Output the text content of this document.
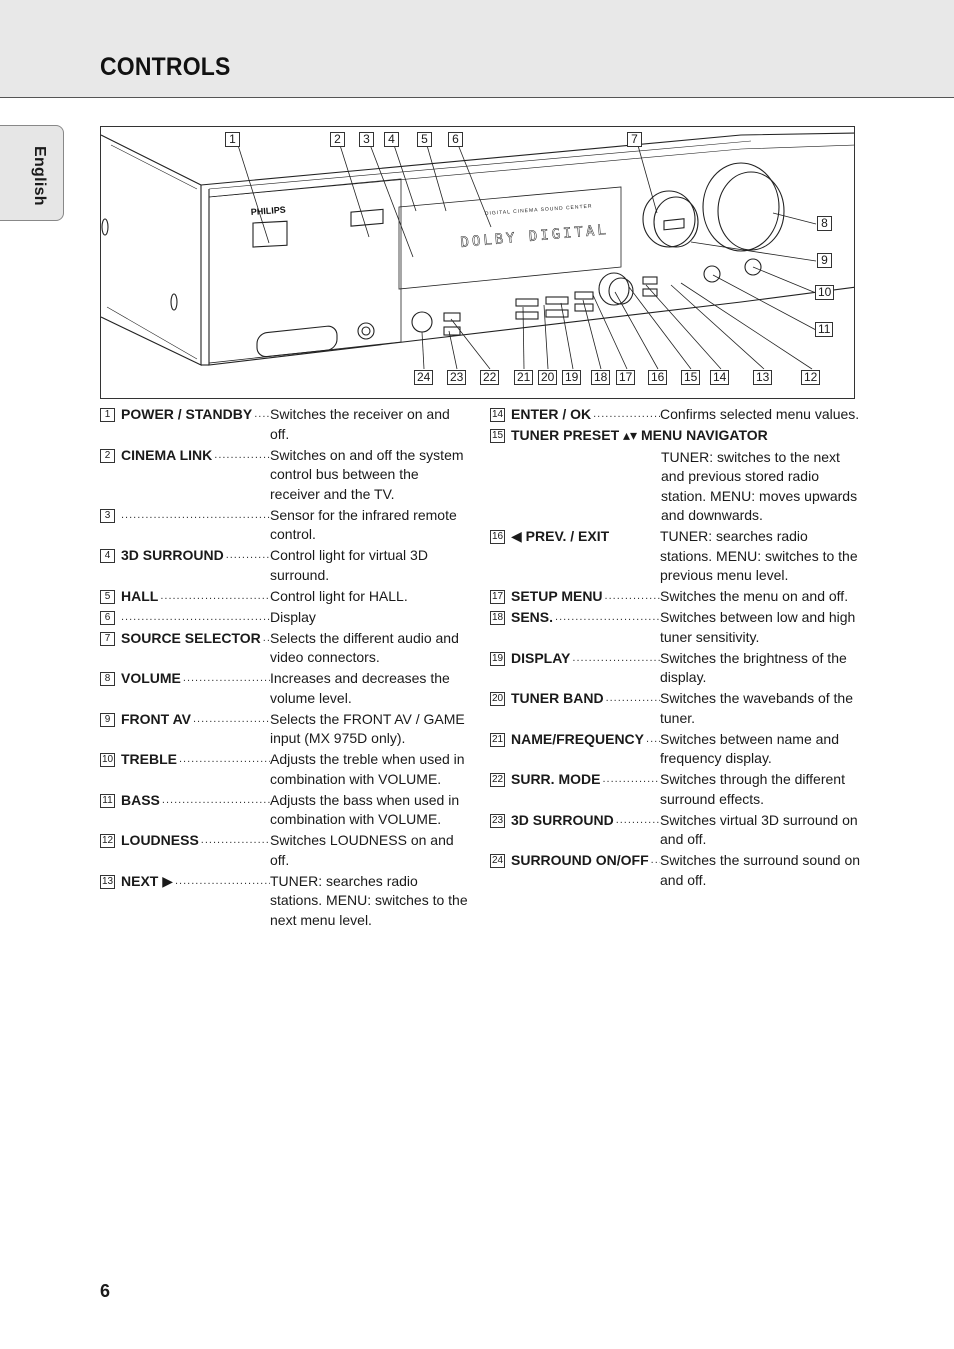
CONTROLS
English
PHILIPS
DOLBY DIGITAL
DIGITAL CINEMA SOUND CENTER
1	2	3	4	5	6	7
8
9
10
11
12
13
14
15
16
17
18
19
20
21
22
23
24
1 POWER / STANDBY ..... Switches the receiver on and off.
2 CINEMA LINK .....	Switches on and off the system control bus between the receiver and the TV.
3 .....	Sensor for the infrared remote control.
4 3D SURROUND .....	Control light for virtual 3D surround.
5 HALL .....	Control light for HALL.
6 .....	Display
7 SOURCE SELECTOR ..... Selects the different audio and video connectors.
8 VOLUME .....	Increases and decreases the volume level.
9 FRONT AV .....	Selects the FRONT AV / GAME input (MX 975D only).
10 TREBLE .....	Adjusts the treble when used in combination with VOLUME.
11 BASS .....	Adjusts the bass when used in combination with VOLUME.
12 LOUDNESS .....	Switches LOUDNESS on and off.
13 NEXT ▶ .....	TUNER: searches radio stations. MENU: switches to the next menu level.
14 ENTER / OK .....	Confirms selected menu values.
15 TUNER PRESET ▴▾ MENU NAVIGATOR
TUNER: switches to the next and previous stored radio station. MENU: moves upwards and downwards.
16 ◀ PREV. / EXIT	TUNER: searches radio stations. MENU: switches to the previous menu level.
17 SETUP MENU .....	Switches the menu on and off.
18 SENS. .....	Switches between low and high tuner sensitivity.
19 DISPLAY .....	Switches the brightness of the display.
20 TUNER BAND .....	Switches the wavebands of the tuner.
21 NAME/FREQUENCY ..... Switches between name and frequency display.
22 SURR. MODE .....	Switches through the different surround effects.
23 3D SURROUND .....	Switches virtual 3D surround on and off.
24 SURROUND ON/OFF ..... Switches the surround sound on and off.
6
